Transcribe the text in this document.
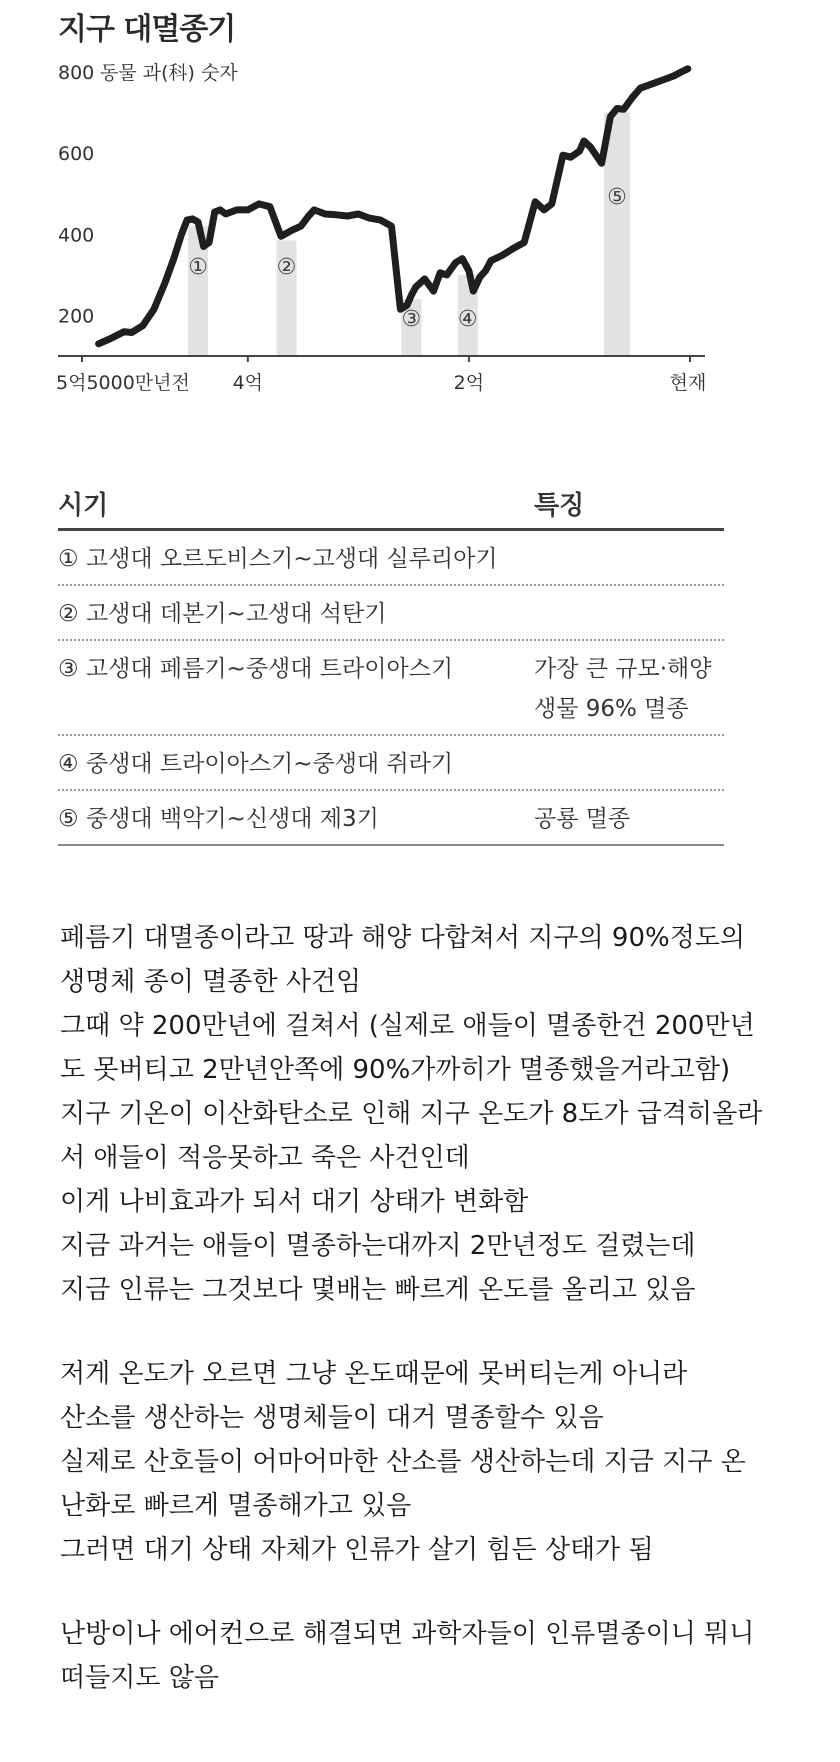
지구 대멸종기
800 동물 과(科) 숫자
600
400
200
5억5000만년전 4억	2억	현재
①	②
③ ④
⑤
시기	특징
① 고생대 오르도비스기~고생대 실루리아기
② 고생대 데본기~고생대 석탄기
③ 고생대 페름기~중생대 트라이아스기	가장 큰 규모·해양 생물 96% 멸종
④ 중생대 트라이아스기~중생대 쥐라기
⑤ 중생대 백악기~신생대 제3기	공룡 멸종
페름기 대멸종이라고 땅과 해양 다합쳐서 지구의 90%정도의
생명체 종이 멸종한 사건임
그때 약 200만년에 걸쳐서 (실제로 애들이 멸종한건 200만년
도 못버티고 2만년안쪽에 90%가까히가 멸종했을거라고함)
지구 기온이 이산화탄소로 인해 지구 온도가 8도가 급격히올라
서 애들이 적응못하고 죽은 사건인데
이게 나비효과가 되서 대기 상태가 변화함
지금 과거는 애들이 멸종하는대까지 2만년정도 걸렸는데
지금 인류는 그것보다 몇배는 빠르게 온도를 올리고 있음
저게 온도가 오르면 그냥 온도때문에 못버티는게 아니라
산소를 생산하는 생명체들이 대거 멸종할수 있음
실제로 산호들이 어마어마한 산소를 생산하는데 지금 지구 온
난화로 빠르게 멸종해가고 있음
그러면 대기 상태 자체가 인류가 살기 힘든 상태가 됨
난방이나 에어컨으로 해결되면 과학자들이 인류멸종이니 뭐니
떠들지도 않음
